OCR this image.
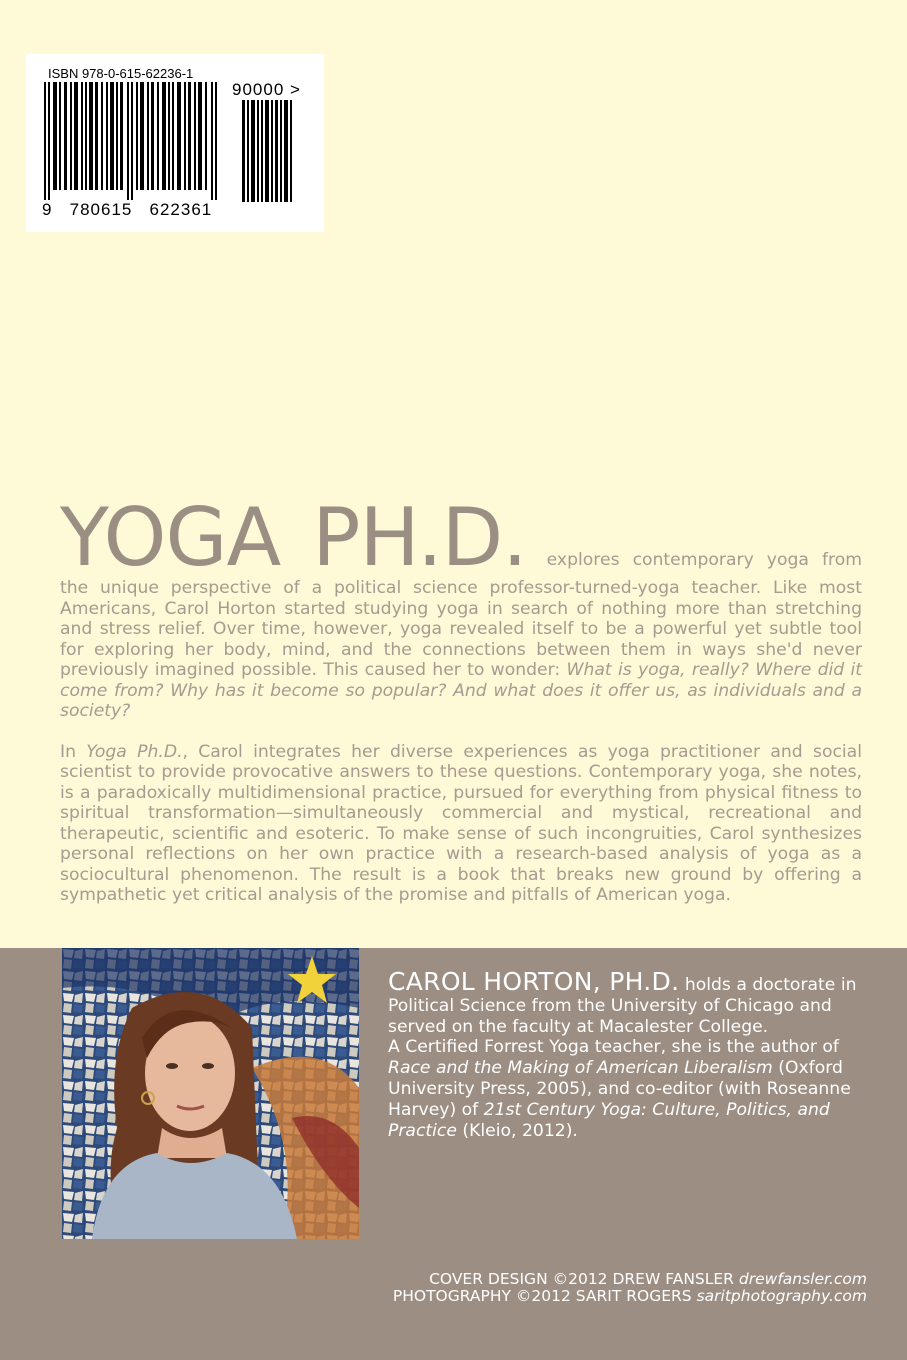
ISBN 978-0-615-62236-1
90000 >
9   780615   622361

YOGA PH.D. explores contemporary yoga from the unique perspective of a political science professor-turned-yoga teacher. Like most Americans, Carol Horton started studying yoga in search of nothing more than stretching and stress relief. Over time, however, yoga revealed itself to be a powerful yet subtle tool for exploring her body, mind, and the connections between them in ways she'd never previously imagined possible. This caused her to wonder: What is yoga, really? Where did it come from? Why has it become so popular? And what does it offer us, as individuals and a society?

In Yoga Ph.D., Carol integrates her diverse experiences as yoga practitioner and social scientist to provide provocative answers to these questions. Contemporary yoga, she notes, is a paradoxically multidimensional practice, pursued for everything from physical fitness to spiritual transformation—simultaneously commercial and mystical, recreational and therapeutic, scientific and esoteric. To make sense of such incongruities, Carol synthesizes personal reflections on her own practice with a research-based analysis of yoga as a sociocultural phenomenon. The result is a book that breaks new ground by offering a sympathetic yet critical analysis of the promise and pitfalls of American yoga.

CAROL HORTON, PH.D. holds a doctorate in Political Science from the University of Chicago and served on the faculty at Macalester College.
A Certified Forrest Yoga teacher, she is the author of Race and the Making of American Liberalism (Oxford University Press, 2005), and co-editor (with Roseanne Harvey) of 21st Century Yoga: Culture, Politics, and Practice (Kleio, 2012).
COVER DESIGN ©2012 DREW FANSLER drewfansler.com
PHOTOGRAPHY ©2012 SARIT ROGERS saritphotography.com
